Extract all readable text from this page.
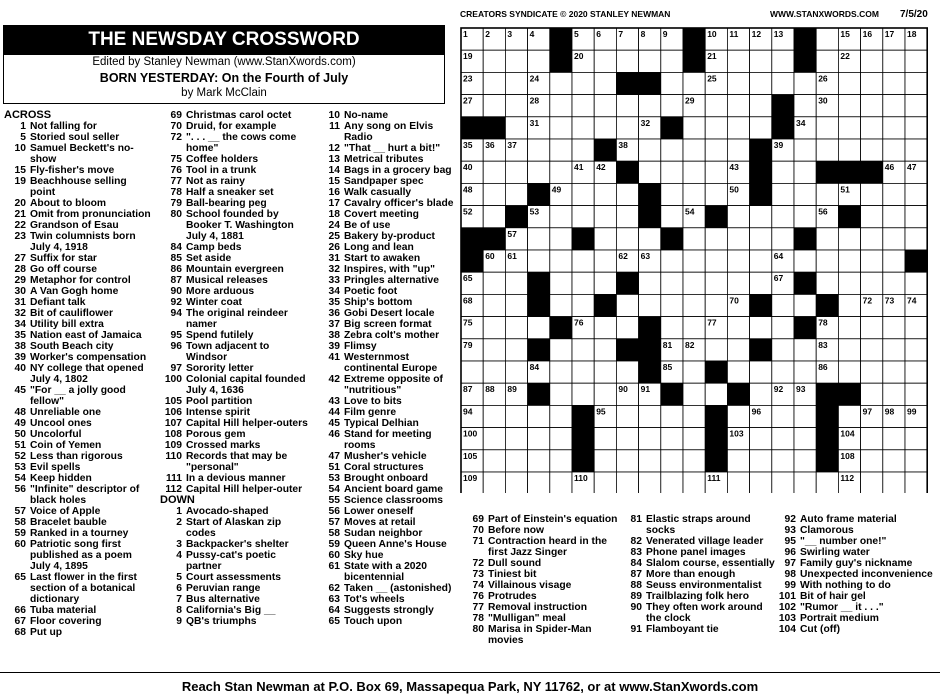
CREATORS SYNDICATE © 2020 STANLEY NEWMAN	WWW.STANXWORDS.COM 7/5/20
THE NEWSDAY CROSSWORD
Edited by Stanley Newman (www.StanXwords.com)
BORN YESTERDAY: On the Fourth of July
by Mark McClain
ACROSS
1 Not falling for
5 Storied soul seller
10 Samuel Beckett's no-show
15 Fly-fisher's move
19 Beachhouse selling point
20 About to bloom
21 Omit from pronunciation
22 Grandson of Esau
23 Twin columnists born July 4, 1918
27 Suffix for star
28 Go off course
29 Metaphor for control
30 A Van Gogh home
31 Defiant talk
32 Bit of cauliflower
34 Utility bill extra
35 Nation east of Jamaica
38 South Beach city
39 Worker's compensation
40 NY college that opened July 4, 1802
45 "For __ a jolly good fellow"
48 Unreliable one
49 Uncool ones
50 Uncolorful
51 Coin of Yemen
52 Less than rigorous
53 Evil spells
54 Keep hidden
56 "Infinite" descriptor of black holes
57 Voice of Apple
58 Bracelet bauble
59 Ranked in a tourney
60 Patriotic song first published as a poem July 4, 1895
65 Last flower in the first section of a botanical dictionary
66 Tuba material
67 Floor covering
68 Put up
69 Christmas carol octet
70 Druid, for example
72 ". . . __ the cows come home"
75 Coffee holders
76 Tool in a trunk
77 Not as rainy
78 Half a sneaker set
79 Ball-bearing peg
80 School founded by Booker T. Washington July 4, 1881
84 Camp beds
85 Set aside
86 Mountain evergreen
87 Musical releases
90 More arduous
92 Winter coat
94 The original reindeer namer
95 Spend futilely
96 Town adjacent to Windsor
97 Sorority letter
100 Colonial capital founded July 4, 1636
105 Pool partition
106 Intense spirit
107 Capital Hill helper-outers
108 Porous gem
109 Crossed marks
110 Records that may be "personal"
111 In a devious manner
112 Capital Hill helper-outer
DOWN
1 Avocado-shaped
2 Start of Alaskan zip codes
3 Backpacker's shelter
4 Pussy-cat's poetic partner
5 Court assessments
6 Peruvian range
7 Bus alternative
8 California's Big __
9 QB's triumphs
10 No-name
11 Any song on Elvis Radio
12 "That __ hurt a bit!"
13 Metrical tributes
14 Bags in a grocery bag
15 Sandpaper spec
16 Walk casually
17 Cavalry officer's blade
18 Covert meeting
24 Be of use
25 Bakery by-product
26 Long and lean
31 Start to awaken
32 Inspires, with "up"
33 Pringles alternative
34 Poetic foot
35 Ship's bottom
36 Gobi Desert locale
37 Big screen format
38 Zebra colt's mother
39 Flimsy
41 Westernmost continental Europe
42 Extreme opposite of "nutritious"
43 Love to bits
44 Film genre
45 Typical Delhian
46 Stand for meeting rooms
47 Musher's vehicle
51 Coral structures
53 Brought onboard
54 Ancient board game
55 Science classrooms
56 Lower oneself
57 Moves at retail
58 Sudan neighbor
59 Queen Anne's House
60 Sky hue
61 State with a 2020 bicentennial
62 Taken __ (astonished)
63 Tot's wheels
64 Suggests strongly
65 Touch upon
69 Part of Einstein's equation
70 Before now
71 Contraction heard in the first Jazz Singer
72 Dull sound
73 Tiniest bit
74 Villainous visage
76 Protrudes
77 Removal instruction
78 "Mulligan" meal
80 Marisa in Spider-Man movies
81 Elastic straps around socks
82 Venerated village leader
83 Phone panel images
84 Slalom course, essentially
87 More than enough
88 Seuss environmentalist
89 Trailblazing folk hero
90 They often work around the clock
91 Flamboyant tie
92 Auto frame material
93 Clamorous
95 "__ number one!"
96 Swirling water
97 Family guy's nickname
98 Unexpected inconvenience
99 With nothing to do
101 Bit of hair gel
102 "Rumor __ it . . ."
103 Portrait medium
104 Cut (off)
1 2 3 4	5 6 7 8 9	10 11 12 13	15 16 17 18
19	20	21	22
23	24	25	26
27	28	29	30
31	32	34
35 36 37	38	39
40	41 42	43	46 47
48	49	50	51
52	53	54	56
57
60 61	62 63	64
65	67
68	70	72 73 74
75	76	77	78
79	81 82	83
84	85	86
87 88 89	90 91	92 93
94	95	96	97 98 99
100	103	104
105	108
109	110	111	112
Reach Stan Newman at P.O. Box 69, Massapequa Park, NY 11762, or at www.StanXwords.com
